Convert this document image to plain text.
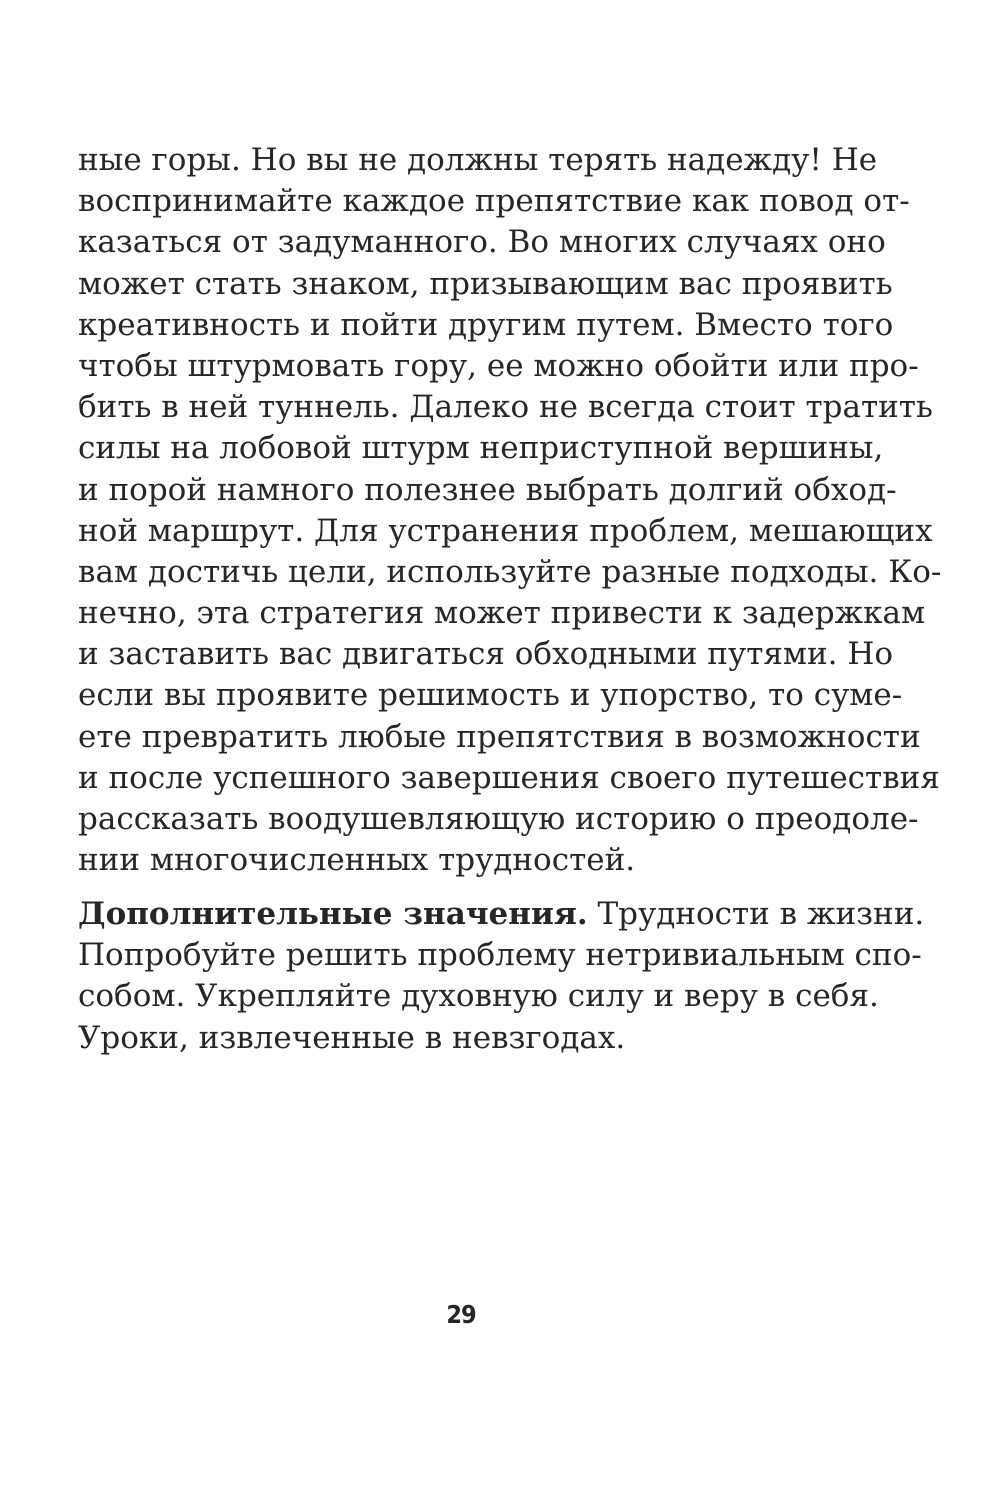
ные горы. Но вы не должны терять надежду! Не
воспринимайте каждое препятствие как повод от-
казаться от задуманного. Во многих случаях оно
может стать знаком, призывающим вас проявить
креативность и пойти другим путем. Вместо того
чтобы штурмовать гору, ее можно обойти или про-
бить в ней туннель. Далеко не всегда стоит тратить
силы на лобовой штурм неприступной вершины,
и порой намного полезнее выбрать долгий обход-
ной маршрут. Для устранения проблем, мешающих
вам достичь цели, используйте разные подходы. Ко-
нечно, эта стратегия может привести к задержкам
и заставить вас двигаться обходными путями. Но
если вы проявите решимость и упорство, то суме-
ете превратить любые препятствия в возможности
и после успешного завершения своего путешествия
рассказать воодушевляющую историю о преодоле-
нии многочисленных трудностей.
Дополнительные значения. Трудности в жизни.
Попробуйте решить проблему нетривиальным спо-
собом. Укрепляйте духовную силу и веру в себя.
Уроки, извлеченные в невзгодах.
29
